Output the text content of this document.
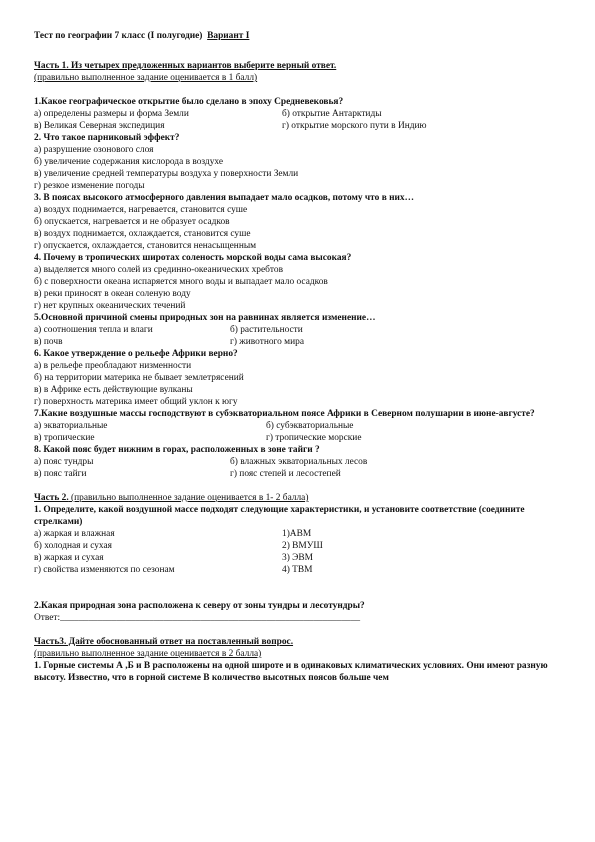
Тест по географии 7 класс (I полугодие) Вариант I
Часть 1. Из четырех предложенных вариантов выберите верный ответ.
(правильно выполненное задание оценивается в 1 балл)
1.Какое географическое открытие было сделано в эпоху Средневековья?
а) определены размеры и форма Земли	б) открытие Антарктиды
в) Великая Северная экспедиция	г) открытие морского пути в Индию
2. Что такое парниковый эффект?
а) разрушение озонового слоя
б) увеличение содержания кислорода в воздухе
в) увеличение средней температуры воздуха у поверхности Земли
г) резкое изменение погоды
3. В поясах высокого атмосферного давления выпадает мало осадков, потому что в них…
а) воздух поднимается, нагревается, становится суше
б) опускается, нагревается и не образует осадков
в) воздух поднимается, охлаждается, становится суше
г) опускается, охлаждается, становится ненасыщенным
4. Почему в тропических широтах соленость морской воды сама высокая?
а) выделяется много солей из срединно-океанических хребтов
б) с поверхности океана испаряется много воды и выпадает мало осадков
в) реки приносят в океан соленую воду
г) нет крупных океанических течений
5.Основной причиной смены природных зон на равнинах является изменение…
а) соотношения тепла и влаги	б) растительности
в) почв	г) животного мира
6. Какое утверждение о рельефе Африки верно?
а) в рельефе преобладают низменности
б) на территории материка не бывает землетрясений
в) в Африке есть действующие вулканы
г) поверхность материка имеет общий уклон к югу
7.Какие воздушные массы господствуют в субэкваториальном поясе Африки в Северном полушарии в июне-августе?
а) экваториальные	б) субэкваториальные
в) тропические	г) тропические морские
8. Какой пояс будет нижним в горах, расположенных в зоне тайги ?
а) пояс тундры	б) влажных экваториальных лесов
в) пояс тайги	г) пояс степей и лесостепей
Часть 2. (правильно выполненное задание оценивается в 1- 2 балла)
1. Определите, какой воздушной массе подходят следующие характеристики, и установите соответствие (соедините стрелками)
а) жаркая и влажная	1)АВМ
б) холодная и сухая	2) ВМУШ
в) жаркая и сухая	3) ЭВМ
г) свойства изменяются по сезонам	4) ТВМ
2.Какая природная зона расположена к северу от зоны тундры и лесотундры?
Ответ:________________________________________________________________
Часть3. Дайте обоснованный ответ на поставленный вопрос.
(правильно выполненное задание оценивается в 2 балла)
1. Горные системы А ,Б и В расположены на одной широте и в одинаковых климатических условиях. Они имеют разную высоту. Известно, что в горной системе В количество высотных поясов больше чем
